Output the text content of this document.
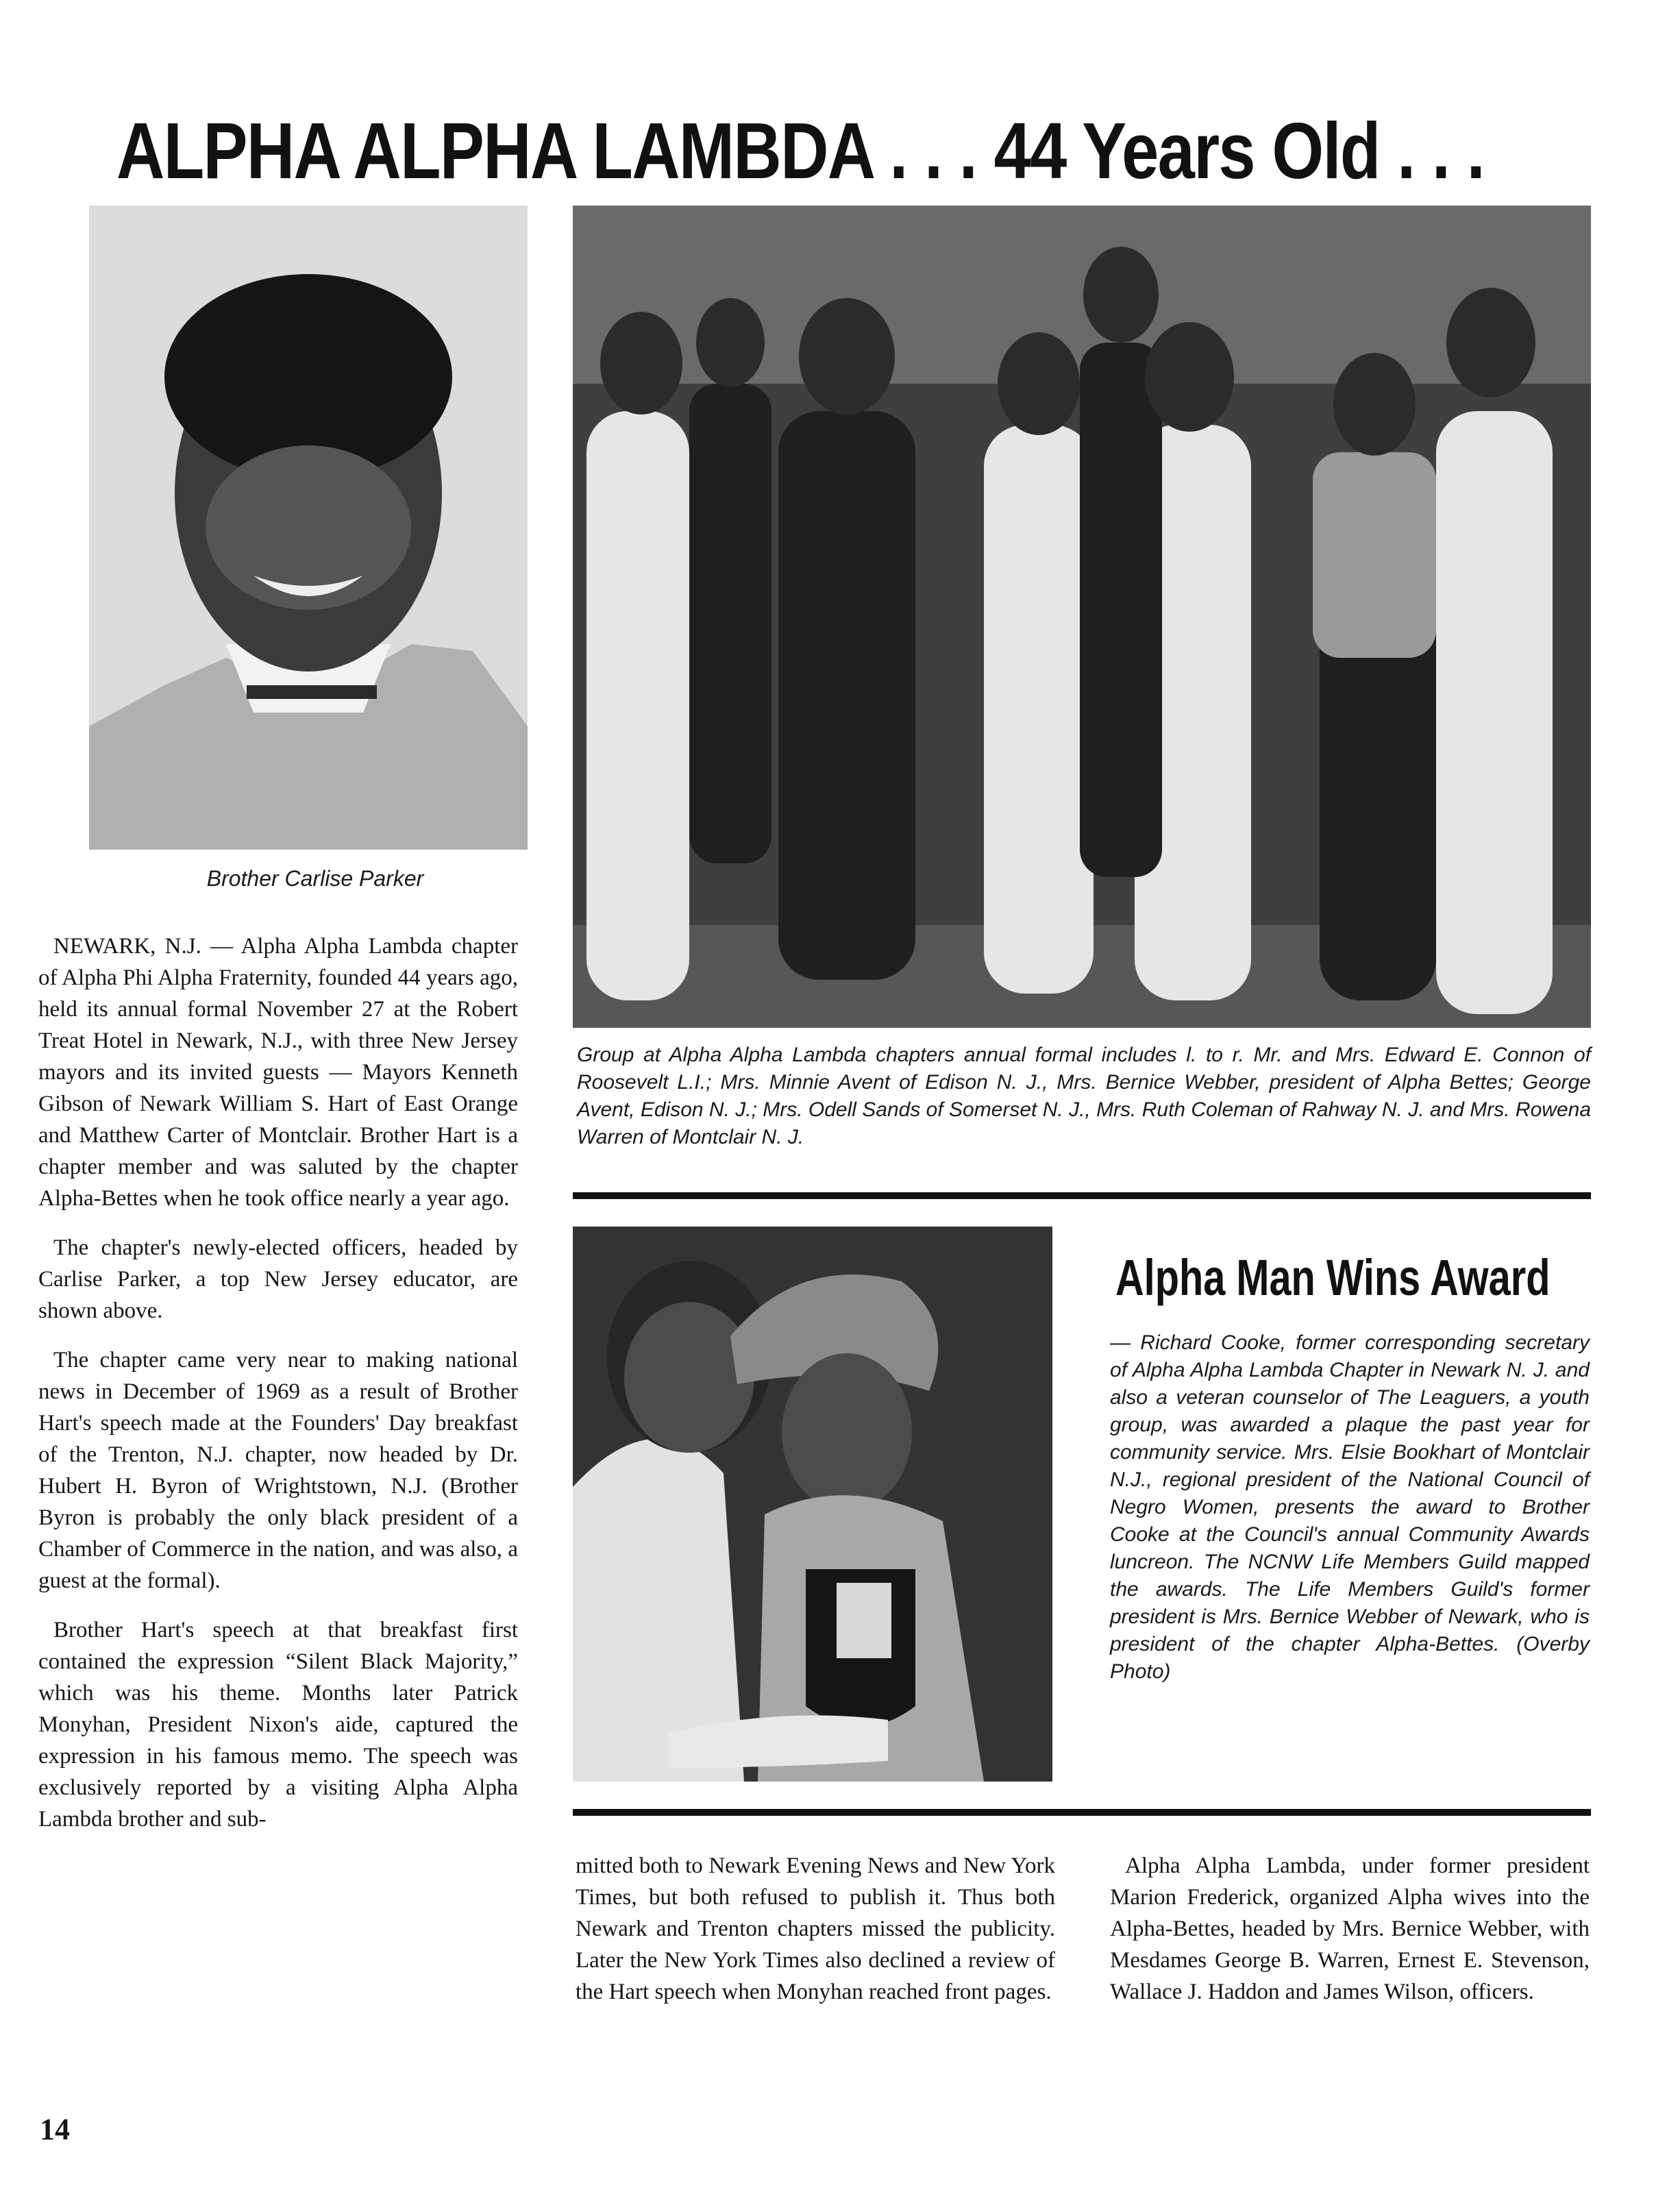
ALPHA ALPHA LAMBDA . . . 44 Years Old . . .
Brother Carlise Parker
Group at Alpha Alpha Lambda chapters annual formal includes l. to r. Mr. and Mrs. Edward E. Connon of Roosevelt L.I.; Mrs. Minnie Avent of Edison N. J., Mrs. Bernice Webber, president of Alpha Bettes; George Avent, Edison N. J.; Mrs. Odell Sands of Somerset N. J., Mrs. Ruth Coleman of Rahway N. J. and Mrs. Rowena Warren of Montclair N. J.
Alpha Man Wins Award
— Richard Cooke, former corresponding secretary of Alpha Alpha Lambda Chapter in Newark N. J. and also a veteran counselor of The Leaguers, a youth group, was awarded a plaque the past year for community service. Mrs. Elsie Bookhart of Montclair N.J., regional president of the National Council of Negro Women, presents the award to Brother Cooke at the Council's annual Community Awards luncreon. The NCNW Life Members Guild mapped the awards. The Life Members Guild's former president is Mrs. Bernice Webber of Newark, who is president of the chapter Alpha-Bettes. (Overby Photo)

NEWARK, N.J. — Alpha Alpha Lambda chapter of Alpha Phi Alpha Fraternity, founded 44 years ago, held its annual formal November 27 at the Robert Treat Hotel in Newark, N.J., with three New Jersey mayors and its invited guests — Mayors Kenneth Gibson of Newark William S. Hart of East Orange and Matthew Carter of Montclair. Brother Hart is a chapter member and was saluted by the chapter Alpha-Bettes when he took office nearly a year ago.

The chapter's newly-elected officers, headed by Carlise Parker, a top New Jersey educator, are shown above.

The chapter came very near to making national news in December of 1969 as a result of Brother Hart's speech made at the Founders' Day breakfast of the Trenton, N.J. chapter, now headed by Dr. Hubert H. Byron of Wrightstown, N.J. (Brother Byron is probably the only black president of a Chamber of Commerce in the nation, and was also, a guest at the formal).

Brother Hart's speech at that breakfast first contained the expression “Silent Black Majority,” which was his theme. Months later Patrick Monyhan, President Nixon's aide, captured the expression in his famous memo. The speech was exclusively reported by a visiting Alpha Alpha Lambda brother and sub-

mitted both to Newark Evening News and New York Times, but both refused to publish it. Thus both Newark and Trenton chapters missed the publicity. Later the New York Times also declined a review of the Hart speech when Monyhan reached front pages.

Alpha Alpha Lambda, under former president Marion Frederick, organized Alpha wives into the Alpha-Bettes, headed by Mrs. Bernice Webber, with Mesdames George B. Warren, Ernest E. Stevenson, Wallace J. Haddon and James Wilson, officers.

14
